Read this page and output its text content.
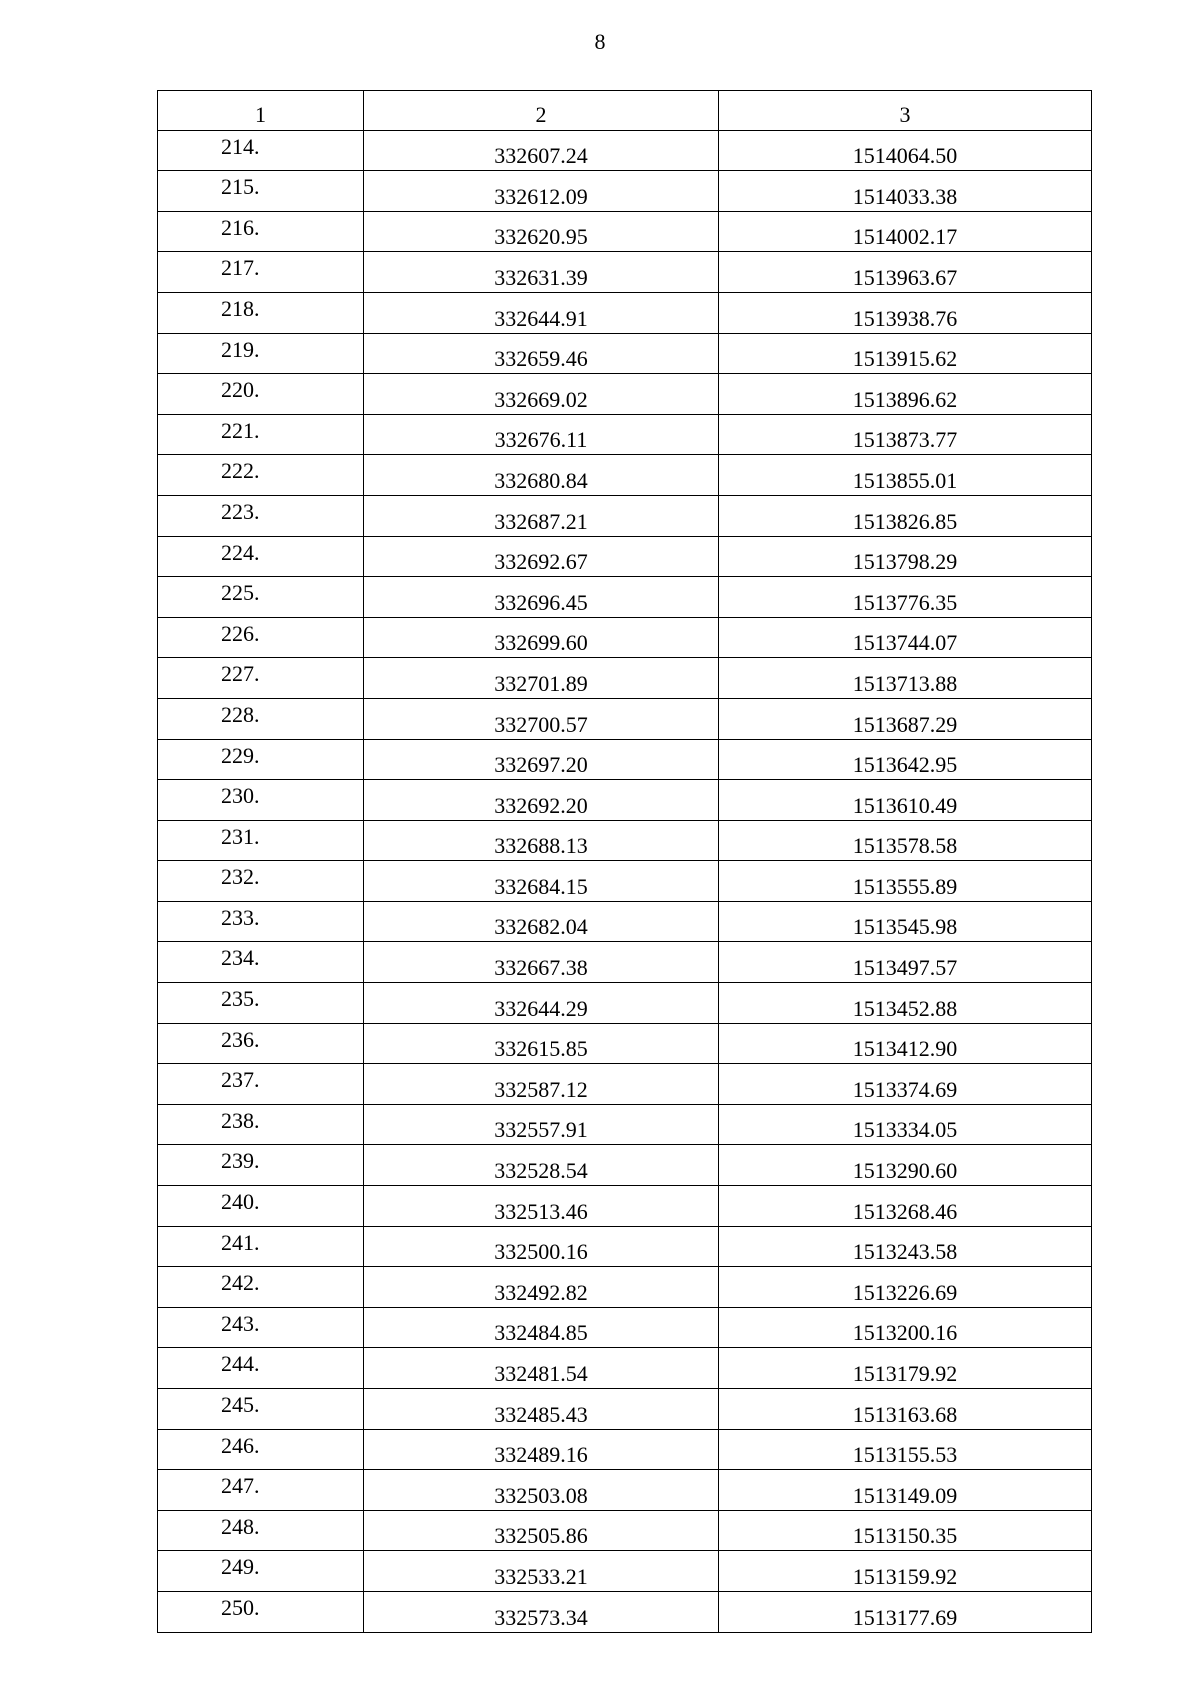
8
1	2	3
214.	332607.24	1514064.50
215.	332612.09	1514033.38
216.	332620.95	1514002.17
217.	332631.39	1513963.67
218.	332644.91	1513938.76
219.	332659.46	1513915.62
220.	332669.02	1513896.62
221.	332676.11	1513873.77
222.	332680.84	1513855.01
223.	332687.21	1513826.85
224.	332692.67	1513798.29
225.	332696.45	1513776.35
226.	332699.60	1513744.07
227.	332701.89	1513713.88
228.	332700.57	1513687.29
229.	332697.20	1513642.95
230.	332692.20	1513610.49
231.	332688.13	1513578.58
232.	332684.15	1513555.89
233.	332682.04	1513545.98
234.	332667.38	1513497.57
235.	332644.29	1513452.88
236.	332615.85	1513412.90
237.	332587.12	1513374.69
238.	332557.91	1513334.05
239.	332528.54	1513290.60
240.	332513.46	1513268.46
241.	332500.16	1513243.58
242.	332492.82	1513226.69
243.	332484.85	1513200.16
244.	332481.54	1513179.92
245.	332485.43	1513163.68
246.	332489.16	1513155.53
247.	332503.08	1513149.09
248.	332505.86	1513150.35
249.	332533.21	1513159.92
250.	332573.34	1513177.69
